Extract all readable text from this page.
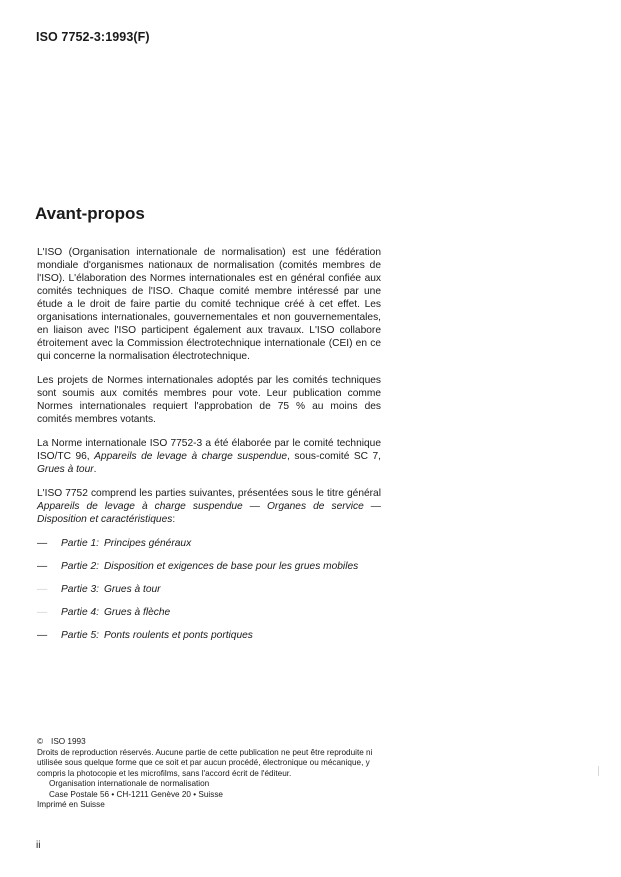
ISO 7752-3:1993(F)
Avant-propos

L'ISO (Organisation internationale de normalisation) est une fédération mondiale d'organismes nationaux de normalisation (comités membres de l'ISO). L'élaboration des Normes internationales est en général confiée aux comités techniques de l'ISO. Chaque comité membre intéressé par une étude a le droit de faire partie du comité technique créé à cet effet. Les organisations internationales, gouvernementales et non gouvernementales, en liaison avec l'ISO participent également aux travaux. L'ISO collabore étroitement avec la Commission électrotechnique internationale (CEI) en ce qui concerne la normalisation électrotechnique.

Les projets de Normes internationales adoptés par les comités techniques sont soumis aux comités membres pour vote. Leur publication comme Normes internationales requiert l'approbation de 75 % au moins des comités membres votants.

La Norme internationale ISO 7752-3 a été élaborée par le comité technique ISO/TC 96, Appareils de levage à charge suspendue, sous-comité SC 7, Grues à tour.

L'ISO 7752 comprend les parties suivantes, présentées sous le titre général Appareils de levage à charge suspendue — Organes de service — Disposition et caractéristiques:

—	Partie 1: Principes généraux
—	Partie 2: Disposition et exigences de base pour les grues mobiles
—	Partie 3: Grues à tour
—	Partie 4: Grues à flèche
—	Partie 5: Ponts roulents et ponts portiques
© ISO 1993
Droits de reproduction réservés. Aucune partie de cette publication ne peut être reproduite ni utilisée sous quelque forme que ce soit et par aucun procédé, électronique ou mécanique, y compris la photocopie et les microfilms, sans l'accord écrit de l'éditeur.
Organisation internationale de normalisation
Case Postale 56 • CH-1211 Genève 20 • Suisse
Imprimé en Suisse
ii
